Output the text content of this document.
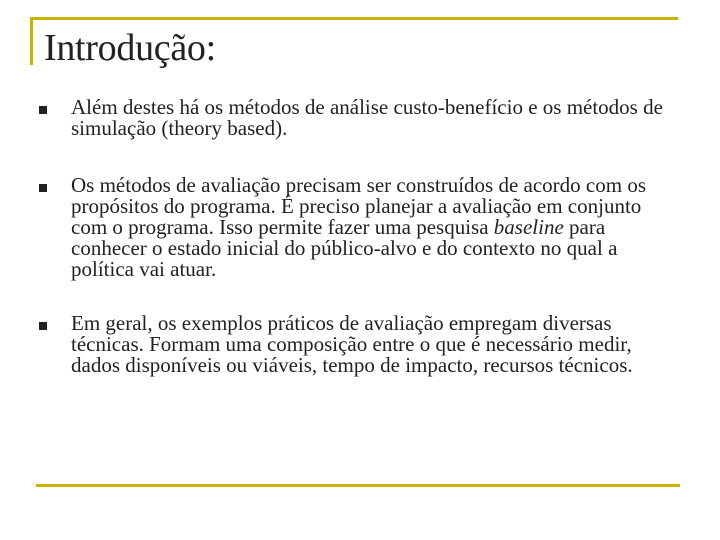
Introdução:
Além destes há os métodos de análise custo-benefício e os métodos de simulação (theory based).
Os métodos de avaliação precisam ser construídos de acordo com os propósitos do programa. É preciso planejar a avaliação em conjunto com o programa. Isso permite fazer uma pesquisa baseline para conhecer o estado inicial do público-alvo e do contexto no qual a política vai atuar.
Em geral, os exemplos práticos de avaliação empregam diversas técnicas. Formam uma composição entre o que é necessário medir, dados disponíveis ou viáveis, tempo de impacto, recursos técnicos.
